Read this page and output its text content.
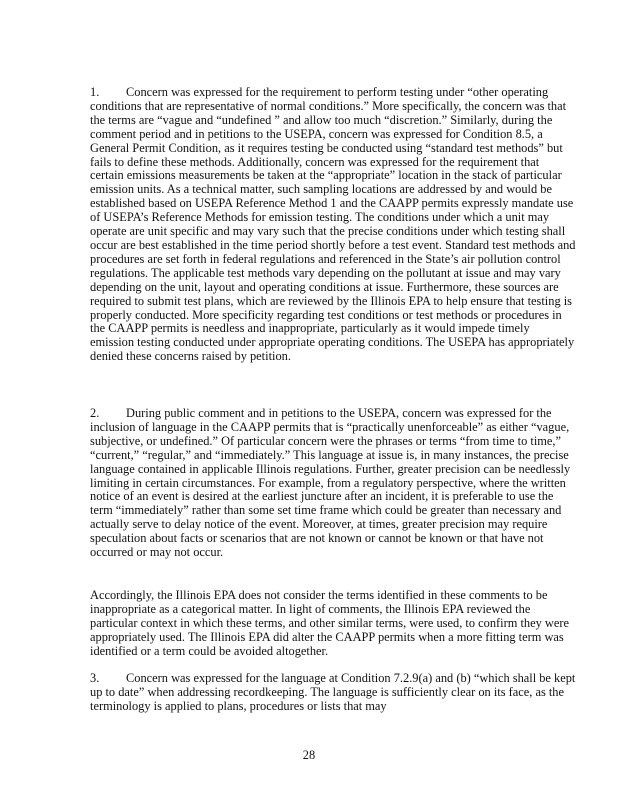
1. Concern was expressed for the requirement to perform testing under “other operating conditions that are representative of normal conditions.” More specifically, the concern was that the terms are “vague and “undefined ” and allow too much “discretion.” Similarly, during the comment period and in petitions to the USEPA, concern was expressed for Condition 8.5, a General Permit Condition, as it requires testing be conducted using “standard test methods” but fails to define these methods. Additionally, concern was expressed for the requirement that certain emissions measurements be taken at the “appropriate” location in the stack of particular emission units. As a technical matter, such sampling locations are addressed by and would be established based on USEPA Reference Method 1 and the CAAPP permits expressly mandate use of USEPA’s Reference Methods for emission testing. The conditions under which a unit may operate are unit specific and may vary such that the precise conditions under which testing shall occur are best established in the time period shortly before a test event. Standard test methods and procedures are set forth in federal regulations and referenced in the State’s air pollution control regulations. The applicable test methods vary depending on the pollutant at issue and may vary depending on the unit, layout and operating conditions at issue. Furthermore, these sources are required to submit test plans, which are reviewed by the Illinois EPA to help ensure that testing is properly conducted. More specificity regarding test conditions or test methods or procedures in the CAAPP permits is needless and inappropriate, particularly as it would impede timely emission testing conducted under appropriate operating conditions. The USEPA has appropriately denied these concerns raised by petition.

2. During public comment and in petitions to the USEPA, concern was expressed for the inclusion of language in the CAAPP permits that is “practically unenforceable” as either “vague, subjective, or undefined.” Of particular concern were the phrases or terms “from time to time,” “current,” “regular,” and “immediately.” This language at issue is, in many instances, the precise language contained in applicable Illinois regulations. Further, greater precision can be needlessly limiting in certain circumstances. For example, from a regulatory perspective, where the written notice of an event is desired at the earliest juncture after an incident, it is preferable to use the term “immediately” rather than some set time frame which could be greater than necessary and actually serve to delay notice of the event. Moreover, at times, greater precision may require speculation about facts or scenarios that are not known or cannot be known or that have not occurred or may not occur.

Accordingly, the Illinois EPA does not consider the terms identified in these comments to be inappropriate as a categorical matter. In light of comments, the Illinois EPA reviewed the particular context in which these terms, and other similar terms, were used, to confirm they were appropriately used. The Illinois EPA did alter the CAAPP permits when a more fitting term was identified or a term could be avoided altogether.

3. Concern was expressed for the language at Condition 7.2.9(a) and (b) “which shall be kept up to date” when addressing recordkeeping. The language is sufficiently clear on its face, as the terminology is applied to plans, procedures or lists that may

28
